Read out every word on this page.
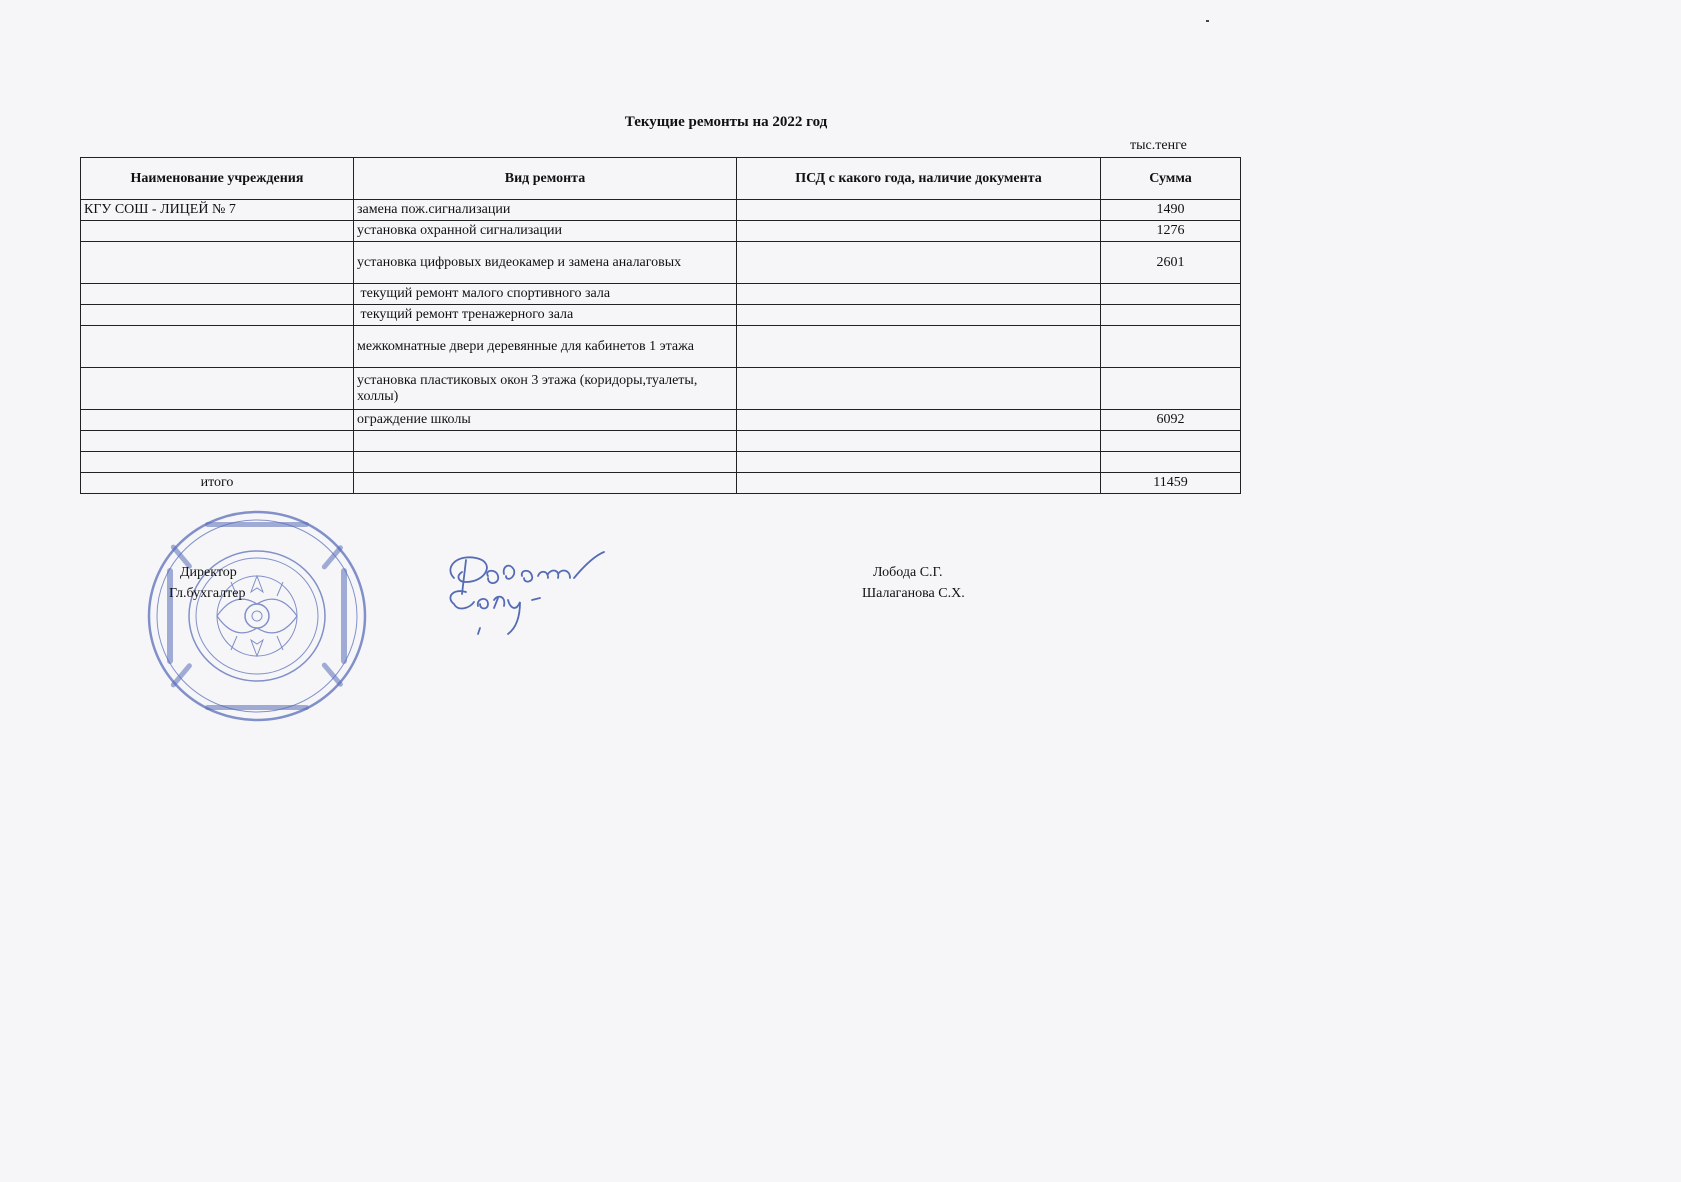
Текущие ремонты на 2022 год
тыс.тенге
Наименование учреждения	Вид ремонта	ПСД с какого года, наличие документа	Сумма
КГУ СОШ - ЛИЦЕЙ № 7	замена пож.сигнализации		1490
	установка охранной сигнализации		1276
	установка цифровых видеокамер и замена аналаговых		2601
	текущий ремонт малого спортивного зала		
	текущий ремонт тренажерного зала		
	межкомнатные двери деревянные для кабинетов 1 этажа		
	установка пластиковых окон 3 этажа (коридоры,туалеты, холлы)		
	ограждение школы		6092

итого			11459
Директор
Гл.бухгалтер
Лобода С.Г.
Шалаганова С.Х.
